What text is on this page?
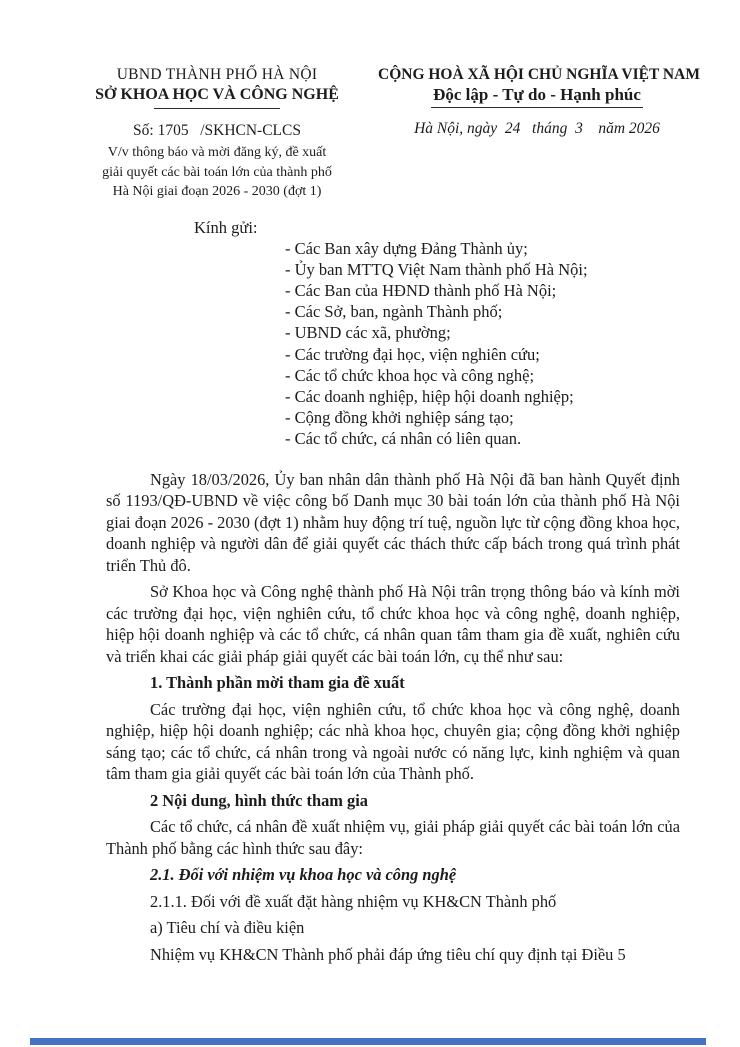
UBND THÀNH PHỐ HÀ NỘI
SỞ KHOA HỌC VÀ CÔNG NGHỆ
Số: 1705   /SKHCN-CLCS
V/v thông báo và mời đăng ký, đề xuất
giải quyết các bài toán lớn của thành phố
Hà Nội giai đoạn 2026 - 2030 (đợt 1)
CỘNG HOÀ XÃ HỘI CHỦ NGHĨA VIỆT NAM
Độc lập - Tự do - Hạnh phúc
Hà Nội, ngày  24   tháng  3    năm 2026
Kính gửi:
- Các Ban xây dựng Đảng Thành ủy;
- Ủy ban MTTQ Việt Nam thành phố Hà Nội;
- Các Ban của HĐND thành phố Hà Nội;
- Các Sở, ban, ngành Thành phố;
- UBND các xã, phường;
- Các trường đại học, viện nghiên cứu;
- Các tổ chức khoa học và công nghệ;
- Các doanh nghiệp, hiệp hội doanh nghiệp;
- Cộng đồng khởi nghiệp sáng tạo;
- Các tổ chức, cá nhân có liên quan.
Ngày 18/03/2026, Ủy ban nhân dân thành phố Hà Nội đã ban hành Quyết định số 1193/QĐ-UBND về việc công bố Danh mục 30 bài toán lớn của thành phố Hà Nội giai đoạn 2026 - 2030 (đợt 1) nhằm huy động trí tuệ, nguồn lực từ cộng đồng khoa học, doanh nghiệp và người dân để giải quyết các thách thức cấp bách trong quá trình phát triển Thủ đô.
Sở Khoa học và Công nghệ thành phố Hà Nội trân trọng thông báo và kính mời các trường đại học, viện nghiên cứu, tổ chức khoa học và công nghệ, doanh nghiệp, hiệp hội doanh nghiệp và các tổ chức, cá nhân quan tâm tham gia đề xuất, nghiên cứu và triển khai các giải pháp giải quyết các bài toán lớn, cụ thể như sau:
1. Thành phần mời tham gia đề xuất
Các trường đại học, viện nghiên cứu, tổ chức khoa học và công nghệ, doanh nghiệp, hiệp hội doanh nghiệp; các nhà khoa học, chuyên gia; cộng đồng khởi nghiệp sáng tạo; các tổ chức, cá nhân trong và ngoài nước có năng lực, kinh nghiệm và quan tâm tham gia giải quyết các bài toán lớn của Thành phố.
2 Nội dung, hình thức tham gia
Các tổ chức, cá nhân đề xuất nhiệm vụ, giải pháp giải quyết các bài toán lớn của Thành phố bằng các hình thức sau đây:
2.1. Đối với nhiệm vụ khoa học và công nghệ
2.1.1. Đối với đề xuất đặt hàng nhiệm vụ KH&CN Thành phố
a) Tiêu chí và điều kiện
Nhiệm vụ KH&CN Thành phố phải đáp ứng tiêu chí quy định tại Điều 5
